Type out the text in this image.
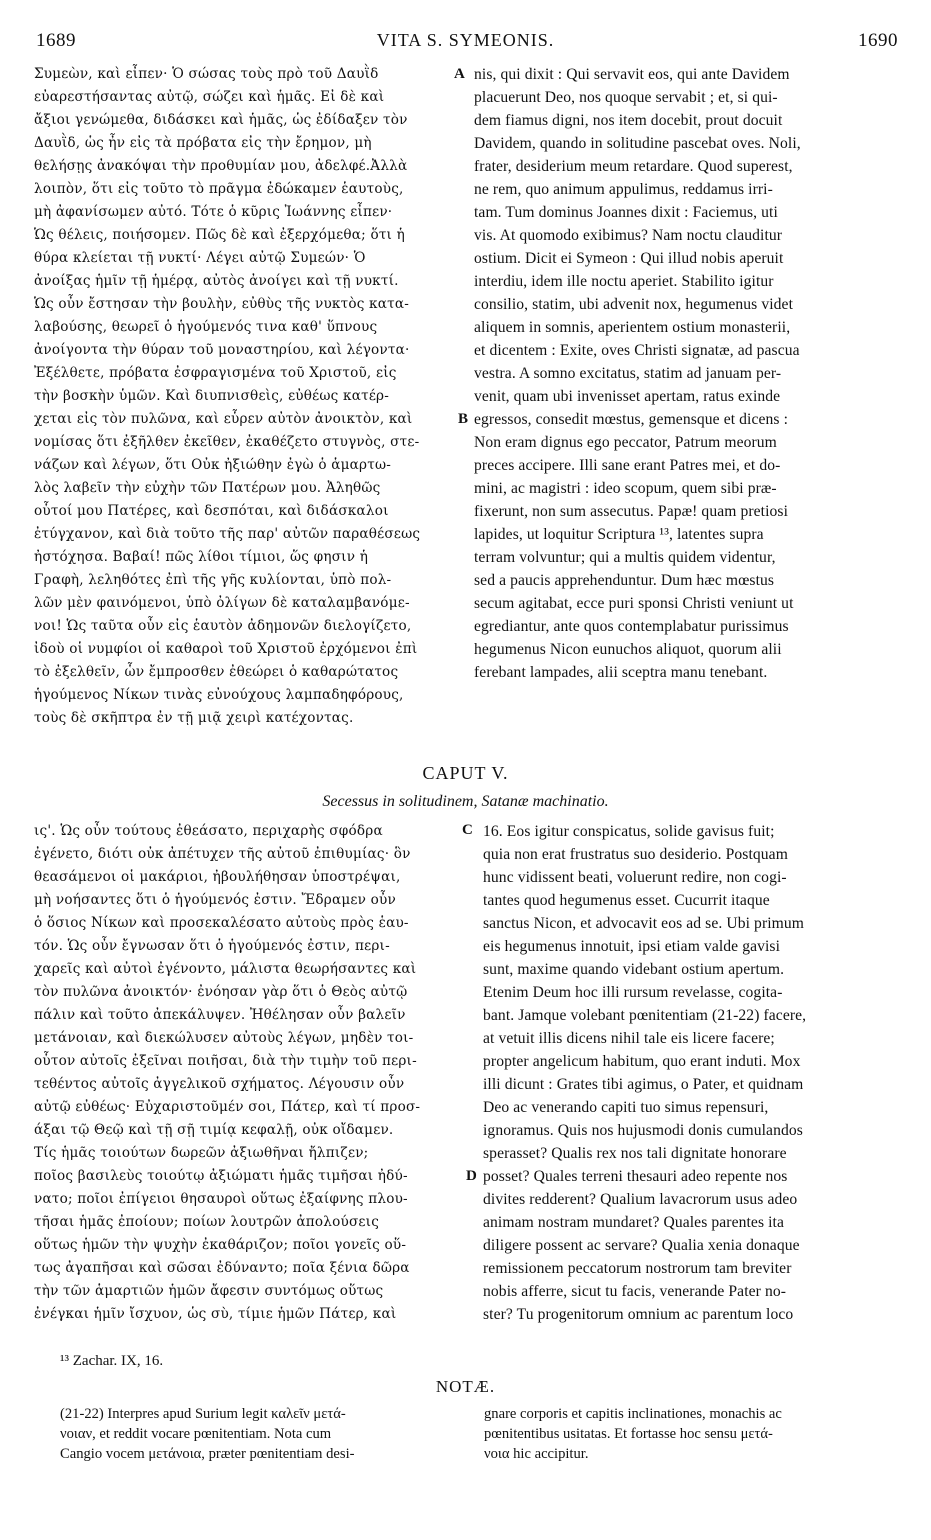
VITA S. SYMEONIS.
1689	1690
Συμεὼν, καὶ εἶπεν· Ὁ σώσας τοὺς πρὸ τοῦ Δαυῒδ
εὐαρεστήσαντας αὐτῷ, σώζει καὶ ἡμᾶς. Εἰ δὲ καὶ
ἄξιοι γενώμεθα, διδάσκει καὶ ἡμᾶς, ὡς ἐδίδαξεν τὸν
Δαυῒδ, ὡς ἦν εἰς τὰ πρόβατα εἰς τὴν ἔρημον, μὴ
θελήσῃς ἀνακόψαι τὴν προθυμίαν μου, ἀδελφέ.Ἀλλὰ
λοιπὸν, ὅτι εἰς τοῦτο τὸ πρᾶγμα ἐδώκαμεν ἑαυτοὺς,
μὴ ἀφανίσωμεν αὐτό. Τότε ὁ κῦρις Ἰωάννης εἶπεν·
Ὡς θέλεις, ποιήσομεν. Πῶς δὲ καὶ ἐξερχόμεθα; ὅτι ἡ
θύρα κλείεται τῇ νυκτί· Λέγει αὐτῷ Συμεών· Ὁ
ἀνοίξας ἡμῖν τῇ ἡμέρᾳ, αὐτὸς ἀνοίγει καὶ τῇ νυκτί.
Ὡς οὖν ἔστησαν τὴν βουλὴν, εὐθὺς τῆς νυκτὸς κατα-
λαβούσης, θεωρεῖ ὁ ἡγούμενός τινα καθ' ὕπνους
ἀνοίγοντα τὴν θύραν τοῦ μοναστηρίου, καὶ λέγοντα·
Ἐξέλθετε, πρόβατα ἐσφραγισμένα τοῦ Χριστοῦ, εἰς
τὴν βοσκὴν ὑμῶν. Καὶ διυπνισθεὶς, εὐθέως κατέρ-
χεται εἰς τὸν πυλῶνα, καὶ εὗρεν αὐτὸν ἀνοικτὸν, καὶ
νομίσας ὅτι ἐξῆλθεν ἐκεῖθεν, ἐκαθέζετο στυγνὸς, στε-
νάζων καὶ λέγων, ὅτι Οὐκ ἠξιώθην ἐγὼ ὁ ἁμαρτω-
λὸς λαβεῖν τὴν εὐχὴν τῶν Πατέρων μου. Ἀληθῶς
οὗτοί μου Πατέρες, καὶ δεσπόται, καὶ διδάσκαλοι
ἐτύγχανον, καὶ διὰ τοῦτο τῆς παρ' αὐτῶν παραθέσεως
ἠστόχησα. Βαβαί! πῶς λίθοι τίμιοι, ὥς φησιν ἡ
Γραφὴ, λεληθότες ἐπὶ τῆς γῆς κυλίονται, ὑπὸ πολ-
λῶν μὲν φαινόμενοι, ὑπὸ ὀλίγων δὲ καταλαμβανόμε-
νοι! Ὡς ταῦτα οὖν εἰς ἑαυτὸν ἀδημονῶν διελογίζετο,
ἰδοὺ οἱ νυμφίοι οἱ καθαροὶ τοῦ Χριστοῦ ἐρχόμενοι ἐπὶ
τὸ ἐξελθεῖν, ὧν ἔμπροσθεν ἐθεώρει ὁ καθαρώτατος
ἡγούμενος Νίκων τινὰς εὐνούχους λαμπαδηφόρους,
τοὺς δὲ σκῆπτρα ἐν τῇ μιᾷ χειρὶ κατέχοντας.
nis, qui dixit : Qui servavit eos, qui ante Davidem
placuerunt Deo, nos quoque servabit ; et, si qui-
dem fiamus digni, nos item docebit, prout docuit
Davidem, quando in solitudine pascebat oves. Noli,
frater, desiderium meum retardare. Quod superest,
ne rem, quo animum appulimus, reddamus irri-
tam. Tum dominus Joannes dixit : Faciemus, uti
vis. At quomodo exibimus? Nam noctu clauditur
ostium. Dicit ei Symeon : Qui illud nobis aperuit
interdiu, idem ille noctu aperiet. Stabilito igitur
consilio, statim, ubi advenit nox, hegumenus videt
aliquem in somnis, aperientem ostium monasterii,
et dicentem : Exite, oves Christi signatæ, ad pascua
vestra. A somno excitatus, statim ad januam per-
venit, quam ubi invenisset apertam, ratus exinde
egressos, consedit mœstus, gemensque et dicens :
Non eram dignus ego peccator, Patrum meorum
preces accipere. Illi sane erant Patres mei, et do-
mini, ac magistri : ideo scopum, quem sibi præ-
fixerunt, non sum assecutus. Papæ! quam pretiosi
lapides, ut loquitur Scriptura ¹³, latentes supra
terram volvuntur; qui a multis quidem videntur,
sed a paucis apprehenduntur. Dum hæc mœstus
secum agitabat, ecce puri sponsi Christi veniunt ut
egrediantur, ante quos contemplabatur purissimus
hegumenus Nicon eunuchos aliquot, quorum alii
ferebant lampades, alii sceptra manu tenebant.
A
B
CAPUT V.
Secessus in solitudinem, Satanæ machinatio.
ις'. Ὡς οὖν τούτους ἐθεάσατο, περιχαρὴς σφόδρα
ἐγένετο, διότι οὐκ ἀπέτυχεν τῆς αὐτοῦ ἐπιθυμίας· ὃν
θεασάμενοι οἱ μακάριοι, ἠβουλήθησαν ὑποστρέψαι,
μὴ νοήσαντες ὅτι ὁ ἡγούμενός ἐστιν. Ἔδραμεν οὖν
ὁ ὅσιος Νίκων καὶ προσεκαλέσατο αὐτοὺς πρὸς ἑαυ-
τόν. Ὡς οὖν ἔγνωσαν ὅτι ὁ ἡγούμενός ἐστιν, περι-
χαρεῖς καὶ αὐτοὶ ἐγένοντο, μάλιστα θεωρήσαντες καὶ
τὸν πυλῶνα ἀνοικτόν· ἐνόησαν γὰρ ὅτι ὁ Θεὸς αὐτῷ
πάλιν καὶ τοῦτο ἀπεκάλυψεν. Ἠθέλησαν οὖν βαλεῖν
μετάνοιαν, καὶ διεκώλυσεν αὐτοὺς λέγων, μηδὲν τοι-
οὗτον αὐτοῖς ἐξεῖναι ποιῆσαι, διὰ τὴν τιμὴν τοῦ περι-
τεθέντος αὐτοῖς ἀγγελικοῦ σχήματος. Λέγουσιν οὖν
αὐτῷ εὐθέως· Εὐχαριστοῦμέν σοι, Πάτερ, καὶ τί προσ-
άξαι τῷ Θεῷ καὶ τῇ σῇ τιμίᾳ κεφαλῇ, οὐκ οἴδαμεν.
Τίς ἡμᾶς τοιούτων δωρεῶν ἀξιωθῆναι ἤλπιζεν;
ποῖος βασιλεὺς τοιούτῳ ἀξιώματι ἡμᾶς τιμῆσαι ἠδύ-
νατο; ποῖοι ἐπίγειοι θησαυροὶ οὕτως ἐξαίφνης πλου-
τῆσαι ἡμᾶς ἐποίουν; ποίων λουτρῶν ἀπολούσεις
οὕτως ἡμῶν τὴν ψυχὴν ἐκαθάριζον; ποῖοι γονεῖς οὕ-
τως ἀγαπῆσαι καὶ σῶσαι ἐδύναντο; ποῖα ξένια δῶρα
τὴν τῶν ἁμαρτιῶν ἡμῶν ἄφεσιν συντόμως οὕτως
ἐνέγκαι ἡμῖν ἴσχυον, ὡς σὺ, τίμιε ἡμῶν Πάτερ, καὶ
16. Eos igitur conspicatus, solide gavisus fuit;
quia non erat frustratus suo desiderio. Postquam
hunc vidissent beati, voluerunt redire, non cogi-
tantes quod hegumenus esset. Cucurrit itaque
sanctus Nicon, et advocavit eos ad se. Ubi primum
eis hegumenus innotuit, ipsi etiam valde gavisi
sunt, maxime quando videbant ostium apertum.
Etenim Deum hoc illi rursum revelasse, cogita-
bant. Jamque volebant pœnitentiam (21-22) facere,
at vetuit illis dicens nihil tale eis licere facere;
propter angelicum habitum, quo erant induti. Mox
illi dicunt : Grates tibi agimus, o Pater, et quidnam
Deo ac venerando capiti tuo simus repensuri,
ignoramus. Quis nos hujusmodi donis cumulandos
sperasset? Qualis rex nos tali dignitate honorare
posset? Quales terreni thesauri adeo repente nos
divites redderent? Qualium lavacrorum usus adeo
animam nostram mundaret? Quales parentes ita
diligere possent ac servare? Qualia xenia donaque
remissionem peccatorum nostrorum tam breviter
nobis afferre, sicut tu facis, venerande Pater no-
ster? Tu progenitorum omnium ac parentum loco
C
D
¹³ Zachar. IX, 16.
NOTÆ.
(21-22) Interpres apud Surium legit καλεῖν μετά-
νοιαν, et reddit vocare pœnitentiam. Nota cum
Cangio vocem μετάνοια, præter pœnitentiam desi-
gnare corporis et capitis inclinationes, monachis ac
pœnitentibus usitatas. Et fortasse hoc sensu μετά-
νοια hic accipitur.
